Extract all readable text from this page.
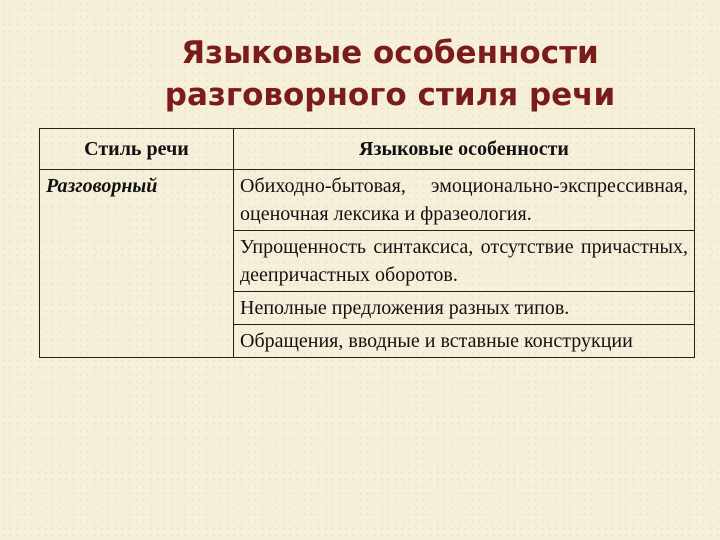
Языковые особенности
разговорного стиля речи
Стиль речи	Языковые особенности
Разговорный	Обиходно-бытовая, эмоционально-экспрессивная, оценочная лексика и фразеология.
	Упрощенность синтаксиса, отсутствие причастных, деепричастных оборотов.
	Неполные предложения разных типов.
	Обращения, вводные и вставные конструкции
